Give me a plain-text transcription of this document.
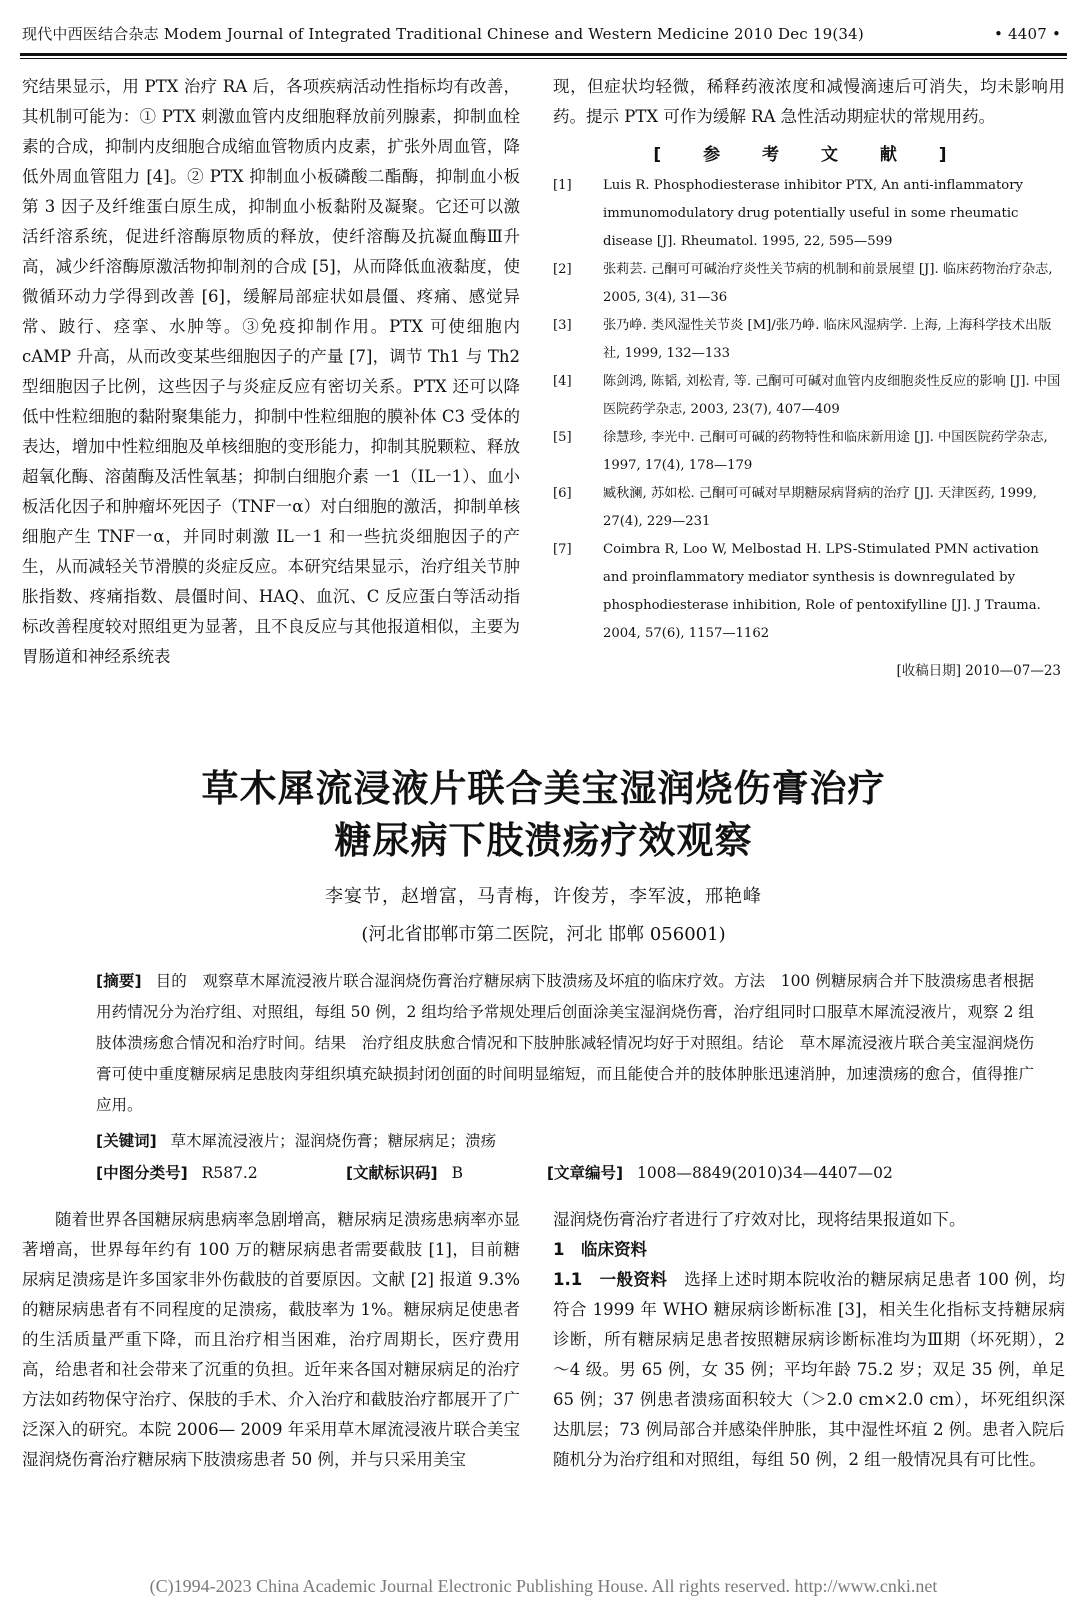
现代中西医结合杂志 Modem Journal of Integrated Traditional Chinese and Western Medicine 2010 Dec 19(34)	• 4407 •

究结果显示，用 PTX 治疗 RA 后，各项疾病活动性指标均有改善，其机制可能为：① PTX 刺激血管内皮细胞释放前列腺素，抑制血栓素的合成，抑制内皮细胞合成缩血管物质内皮素，扩张外周血管，降低外周血管阻力 [4]。② PTX 抑制血小板磷酸二酯酶，抑制血小板第 3 因子及纤维蛋白原生成，抑制血小板黏附及凝聚。它还可以激活纤溶系统，促进纤溶酶原物质的释放，使纤溶酶及抗凝血酶Ⅲ升高，减少纤溶酶原激活物抑制剂的合成 [5]，从而降低血液黏度，使微循环动力学得到改善 [6]，缓解局部症状如晨僵、疼痛、感觉异常、跛行、痉挛、水肿等。③免疫抑制作用。PTX 可使细胞内 cAMP 升高，从而改变某些细胞因子的产量 [7]，调节 Th1 与 Th2 型细胞因子比例，这些因子与炎症反应有密切关系。PTX 还可以降低中性粒细胞的黏附聚集能力，抑制中性粒细胞的膜补体 C3 受体的表达，增加中性粒细胞及单核细胞的变形能力，抑制其脱颗粒、释放超氧化酶、溶菌酶及活性氧基；抑制白细胞介素 一1（IL一1）、血小板活化因子和肿瘤坏死因子（TNF一α）对白细胞的激活，抑制单核细胞产生 TNF一α，并同时刺激 IL一1 和一些抗炎细胞因子的产生，从而减轻关节滑膜的炎症反应。本研究结果显示，治疗组关节肿胀指数、疼痛指数、晨僵时间、HAQ、血沉、C 反应蛋白等活动指标改善程度较对照组更为显著，且不良反应与其他报道相似，主要为胃肠道和神经系统表

现，但症状均轻微，稀释药液浓度和减慢滴速后可消失，均未影响用药。提示 PTX 可作为缓解 RA 急性活动期症状的常规用药。

[ 参 考 文 献 ]
[1] Luis R. Phosphodiesterase inhibitor PTX, An anti-inflammatory immunomodulatory drug potentially useful in some rheumatic disease [J]. Rheumatol. 1995, 22, 595—599
[2] 张莉芸. 己酮可可碱治疗炎性关节病的机制和前景展望 [J]. 临床药物治疗杂志, 2005, 3(4), 31—36
[3] 张乃峥. 类风湿性关节炎 [M]/张乃峥. 临床风湿病学. 上海, 上海科学技术出版社, 1999, 132—133
[4] 陈剑鸿, 陈韬, 刘松青, 等. 己酮可可碱对血管内皮细胞炎性反应的影响 [J]. 中国医院药学杂志, 2003, 23(7), 407—409
[5] 徐慧珍, 李光中. 己酮可可碱的药物特性和临床新用途 [J]. 中国医院药学杂志, 1997, 17(4), 178—179
[6] 臧秋澜, 苏如松. 己酮可可碱对早期糖尿病肾病的治疗 [J]. 天津医药, 1999, 27(4), 229—231
[7] Coimbra R, Loo W, Melbostad H. LPS-Stimulated PMN activation and proinflammatory mediator synthesis is downregulated by phosphodiesterase inhibition, Role of pentoxifylline [J]. J Trauma. 2004, 57(6), 1157—1162
[收稿日期] 2010—07—23
草木犀流浸液片联合美宝湿润烧伤膏治疗
糖尿病下肢溃疡疗效观察
李宴节，赵增富，马青梅，许俊芳，李军波，邢艳峰
(河北省邯郸市第二医院，河北 邯郸 056001)
[摘要] 目的　观察草木犀流浸液片联合湿润烧伤膏治疗糖尿病下肢溃疡及坏疽的临床疗效。方法　100 例糖尿病合并下肢溃疡患者根据用药情况分为治疗组、对照组，每组 50 例，2 组均给予常规处理后创面涂美宝湿润烧伤膏，治疗组同时口服草木犀流浸液片，观察 2 组肢体溃疡愈合情况和治疗时间。结果　治疗组皮肤愈合情况和下肢肿胀减轻情况均好于对照组。结论　草木犀流浸液片联合美宝湿润烧伤膏可使中重度糖尿病足患肢肉芽组织填充缺损封闭创面的时间明显缩短，而且能使合并的肢体肿胀迅速消肿，加速溃疡的愈合，值得推广应用。
[关键词] 草木犀流浸液片；湿润烧伤膏；糖尿病足；溃疡
[中图分类号] R587.2	[文献标识码] B	[文章编号] 1008—8849(2010)34—4407—02

随着世界各国糖尿病患病率急剧增高，糖尿病足溃疡患病率亦显著增高，世界每年约有 100 万的糖尿病患者需要截肢 [1]，目前糖尿病足溃疡是许多国家非外伤截肢的首要原因。文献 [2] 报道 9.3% 的糖尿病患者有不同程度的足溃疡，截肢率为 1%。糖尿病足使患者的生活质量严重下降，而且治疗相当困难，治疗周期长，医疗费用高，给患者和社会带来了沉重的负担。近年来各国对糖尿病足的治疗方法如药物保守治疗、保肢的手术、介入治疗和截肢治疗都展开了广泛深入的研究。本院 2006— 2009 年采用草木犀流浸液片联合美宝湿润烧伤膏治疗糖尿病下肢溃疡患者 50 例，并与只采用美宝

湿润烧伤膏治疗者进行了疗效对比，现将结果报道如下。

1　临床资料

1.1　一般资料　 选择上述时期本院收治的糖尿病足患者 100 例，均符合 1999 年 WHO 糖尿病诊断标准 [3]，相关生化指标支持糖尿病诊断，所有糖尿病足患者按照糖尿病诊断标准均为Ⅲ期（坏死期），2～4 级。男 65 例，女 35 例；平均年龄 75.2 岁；双足 35 例，单足 65 例；37 例患者溃疡面积较大（＞2.0 cm×2.0 cm），坏死组织深达肌层；73 例局部合并感染伴肿胀，其中湿性坏疽 2 例。患者入院后随机分为治疗组和对照组，每组 50 例，2 组一般情况具有可比性。

(C)1994-2023 China Academic Journal Electronic Publishing House. All rights reserved. http://www.cnki.net
